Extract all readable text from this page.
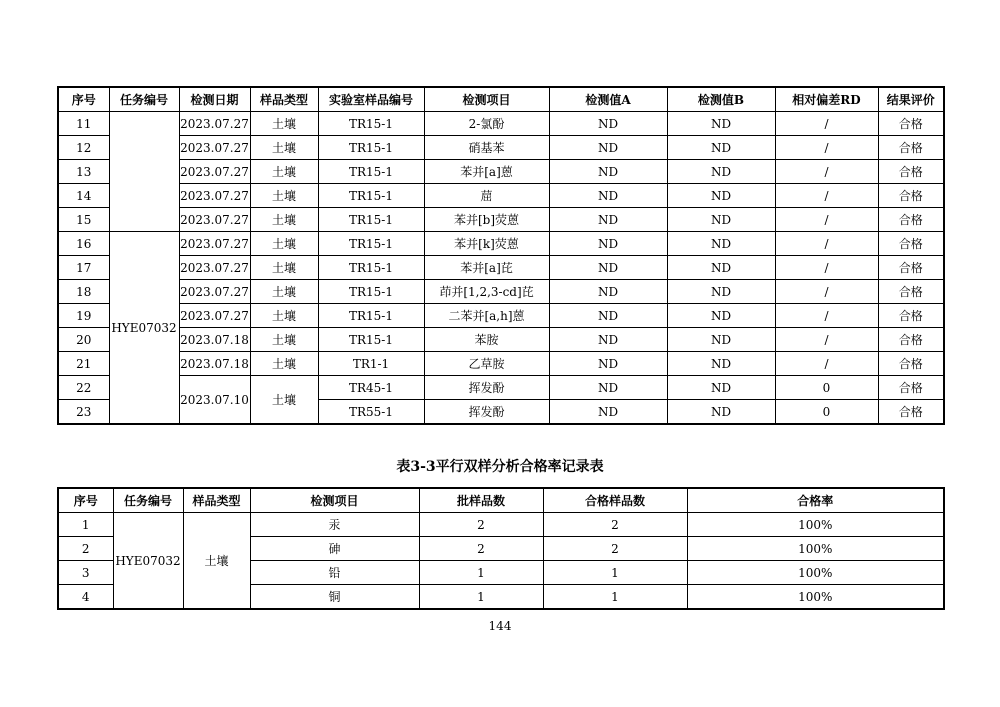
序号	任务编号	检测日期	样品类型	实验室样品编号	检测项目	检测值A	检测值B	相对偏差RD	结果评价
11		2023.07.27	土壤	TR15-1	2-氯酚	ND	ND	/	合格
12		2023.07.27	土壤	TR15-1	硝基苯	ND	ND	/	合格
13		2023.07.27	土壤	TR15-1	苯并[a]蒽	ND	ND	/	合格
14		2023.07.27	土壤	TR15-1	䓛	ND	ND	/	合格
15		2023.07.27	土壤	TR15-1	苯并[b]荧蒽	ND	ND	/	合格
16	HYE07032	2023.07.27	土壤	TR15-1	苯并[k]荧蒽	ND	ND	/	合格
17		2023.07.27	土壤	TR15-1	苯并[a]芘	ND	ND	/	合格
18		2023.07.27	土壤	TR15-1	茚并[1,2,3-cd]芘	ND	ND	/	合格
19		2023.07.27	土壤	TR15-1	二苯并[a,h]蒽	ND	ND	/	合格
20		2023.07.18	土壤	TR15-1	苯胺	ND	ND	/	合格
21		2023.07.18	土壤	TR1-1	乙草胺	ND	ND	/	合格
22		2023.07.10	土壤	TR45-1	挥发酚	ND	ND	0	合格
23				TR55-1	挥发酚	ND	ND	0	合格
表3-3平行双样分析合格率记录表
序号	任务编号	样品类型	检测项目	批样品数	合格样品数	合格率
1	HYE07032	土壤	汞	2	2	100%
2			砷	2	2	100%
3			铅	1	1	100%
4			铜	1	1	100%
144
